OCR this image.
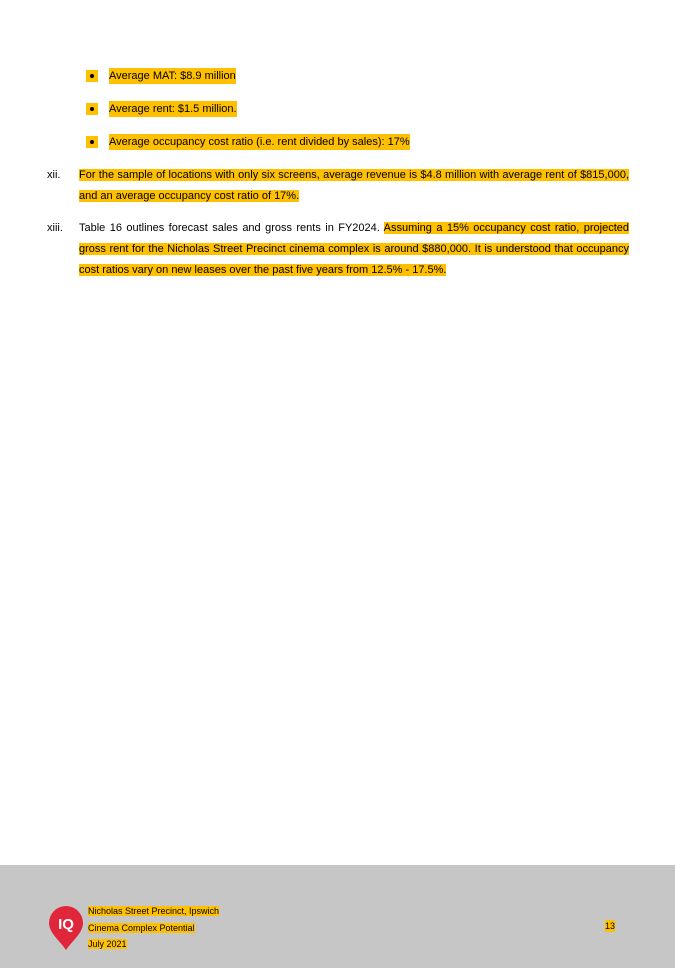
Average MAT: $8.9 million
Average rent: $1.5 million.
Average occupancy cost ratio (i.e. rent divided by sales): 17%
xii.	For the sample of locations with only six screens, average revenue is $4.8 million with average rent of $815,000, and an average occupancy cost ratio of 17%.

xiii.	Table 16 outlines forecast sales and gross rents in FY2024. Assuming a 15% occupancy cost ratio, projected gross rent for the Nicholas Street Precinct cinema complex is around $880,000. It is understood that occupancy cost ratios vary on new leases over the past five years from 12.5% - 17.5%.

IQ
Nicholas Street Precinct, Ipswich
Cinema Complex Potential
July 2021
13
